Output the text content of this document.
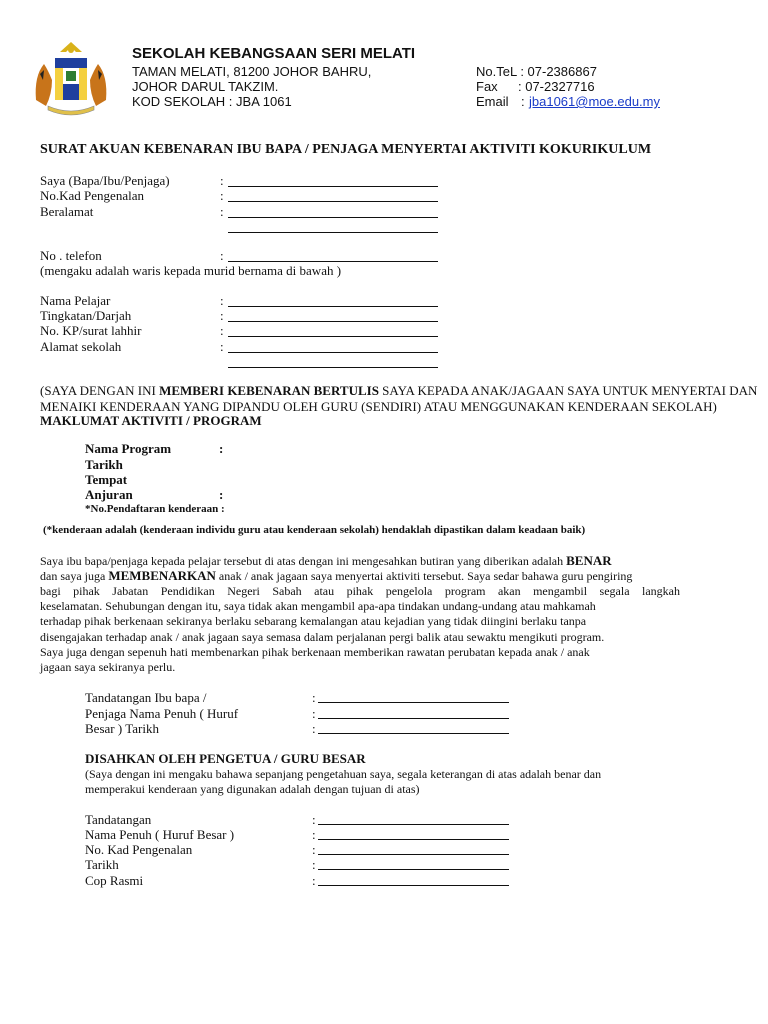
SEKOLAH KEBANGSAAN SERI MELATI
TAMAN MELATI, 81200 JOHOR BAHRU,
JOHOR DARUL TAKZIM.
KOD SEKOLAH : JBA 1061
No.TeL : 07-2386867
Fax : 07-2327716
Email : jba1061@moe.edu.my
SURAT AKUAN KEBENARAN IBU BAPA / PENJAGA MENYERTAI AKTIVITI KOKURIKULUM
Saya (Bapa/Ibu/Penjaga)	:
No.Kad Pengenalan	:
Beralamat	:
No . telefon	:
(mengaku adalah waris kepada murid bernama di bawah )
Nama Pelajar	:
Tingkatan/Darjah	:
No. KP/surat lahhir	:
Alamat sekolah	:
(SAYA DENGAN INI MEMBERI KEBENARAN BERTULIS SAYA KEPADA ANAK/JAGAAN SAYA UNTUK MENYERTAI DAN
MENAIKI KENDERAAN YANG DIPANDU OLEH GURU (SENDIRI) ATAU MENGGUNAKAN KENDERAAN SEKOLAH)
MAKLUMAT AKTIVITI / PROGRAM
Nama Program	:
Tarikh
Tempat
Anjuran	:
*No.Pendaftaran kenderaan :
(*kenderaan adalah (kenderaan individu guru atau kenderaan sekolah) hendaklah dipastikan dalam keadaan baik)
Saya ibu bapa/penjaga kepada pelajar tersebut di atas dengan ini mengesahkan butiran yang diberikan adalah BENAR
dan saya juga MEMBENARKAN anak / anak jagaan saya menyertai aktiviti tersebut. Saya sedar bahawa guru pengiring
bagi pihak Jabatan Pendidikan Negeri Sabah atau pihak pengelola program akan mengambil segala langkah
keselamatan. Sehubungan dengan itu, saya tidak akan mengambil apa-apa tindakan undang-undang atau mahkamah
terhadap pihak berkenaan sekiranya berlaku sebarang kemalangan atau kejadian yang tidak diingini berlaku tanpa
disengajakan terhadap anak / anak jagaan saya semasa dalam perjalanan pergi balik atau sewaktu mengikuti program.
Saya juga dengan sepenuh hati membenarkan pihak berkenaan memberikan rawatan perubatan kepada anak / anak
jagaan saya sekiranya perlu.
Tandatangan Ibu bapa /	:
Penjaga Nama Penuh ( Huruf	:
Besar ) Tarikh	:
DISAHKAN OLEH PENGETUA / GURU BESAR
(Saya dengan ini mengaku bahawa sepanjang pengetahuan saya, segala keterangan di atas adalah benar dan
memperakui kenderaan yang digunakan adalah dengan tujuan di atas)
Tandatangan	:
Nama Penuh ( Huruf Besar )	:
No. Kad Pengenalan	:
Tarikh	:
Cop Rasmi	:
